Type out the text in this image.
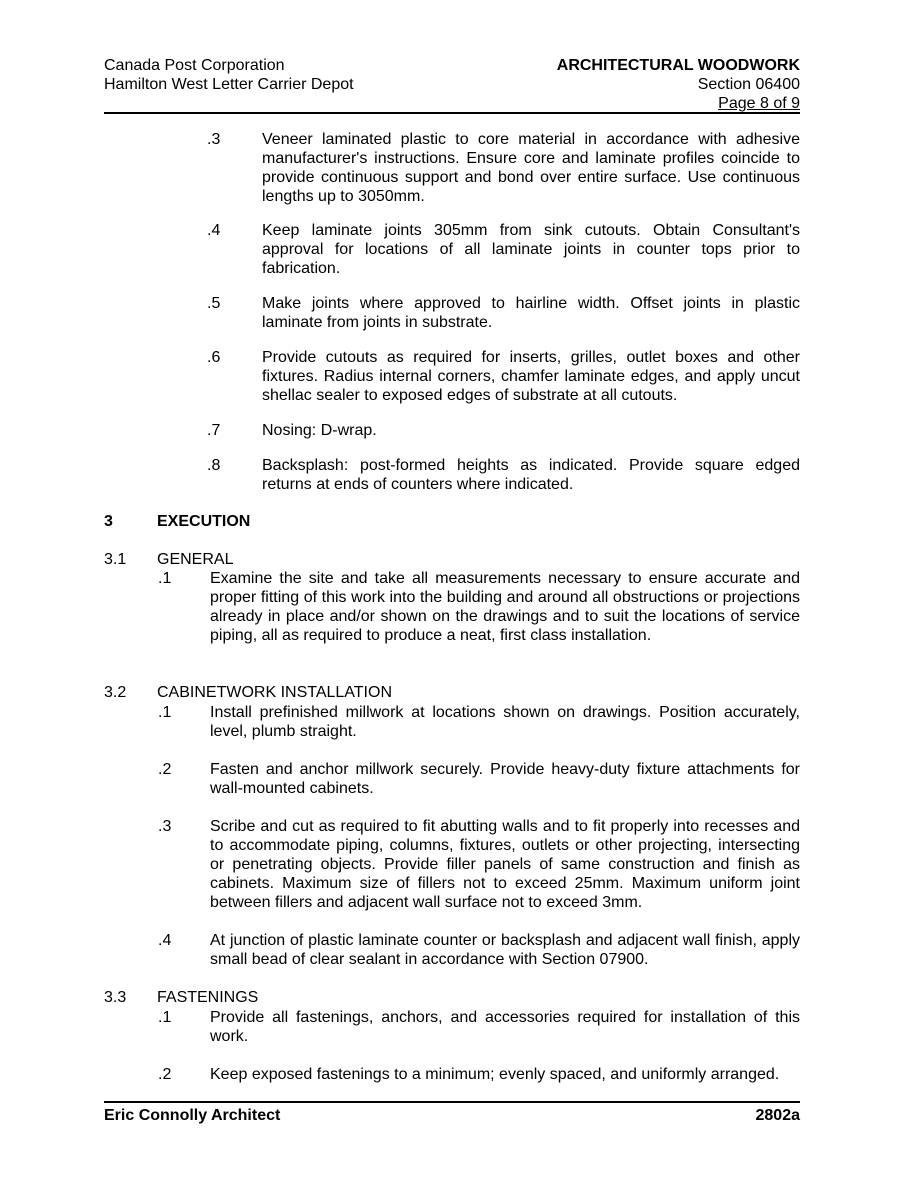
Canada Post Corporation
Hamilton West Letter Carrier Depot
ARCHITECTURAL WOODWORK
Section 06400
Page 8 of 9
.3	Veneer laminated plastic to core material in accordance with adhesive manufacturer's instructions. Ensure core and laminate profiles coincide to provide continuous support and bond over entire surface. Use continuous lengths up to 3050mm.
.4	Keep laminate joints 305mm from sink cutouts. Obtain Consultant's approval for locations of all laminate joints in counter tops prior to fabrication.
.5	Make joints where approved to hairline width. Offset joints in plastic laminate from joints in substrate.
.6	Provide cutouts as required for inserts, grilles, outlet boxes and other fixtures. Radius internal corners, chamfer laminate edges, and apply uncut shellac sealer to exposed edges of substrate at all cutouts.
.7	Nosing: D-wrap.
.8	Backsplash: post-formed heights as indicated. Provide square edged returns at ends of counters where indicated.
3	EXECUTION
3.1 GENERAL
.1 Examine the site and take all measurements necessary to ensure accurate and proper fitting of this work into the building and around all obstructions or projections already in place and/or shown on the drawings and to suit the locations of service piping, all as required to produce a neat, first class installation.
3.2 CABINETWORK INSTALLATION
.1 Install prefinished millwork at locations shown on drawings. Position accurately, level, plumb straight.
.2 Fasten and anchor millwork securely. Provide heavy-duty fixture attachments for wall-mounted cabinets.
.3 Scribe and cut as required to fit abutting walls and to fit properly into recesses and to accommodate piping, columns, fixtures, outlets or other projecting, intersecting or penetrating objects. Provide filler panels of same construction and finish as cabinets. Maximum size of fillers not to exceed 25mm. Maximum uniform joint between fillers and adjacent wall surface not to exceed 3mm.
.4 At junction of plastic laminate counter or backsplash and adjacent wall finish, apply small bead of clear sealant in accordance with Section 07900.
3.3 FASTENINGS
.1 Provide all fastenings, anchors, and accessories required for installation of this work.
.2 Keep exposed fastenings to a minimum; evenly spaced, and uniformly arranged.
Eric Connolly Architect	2802a
